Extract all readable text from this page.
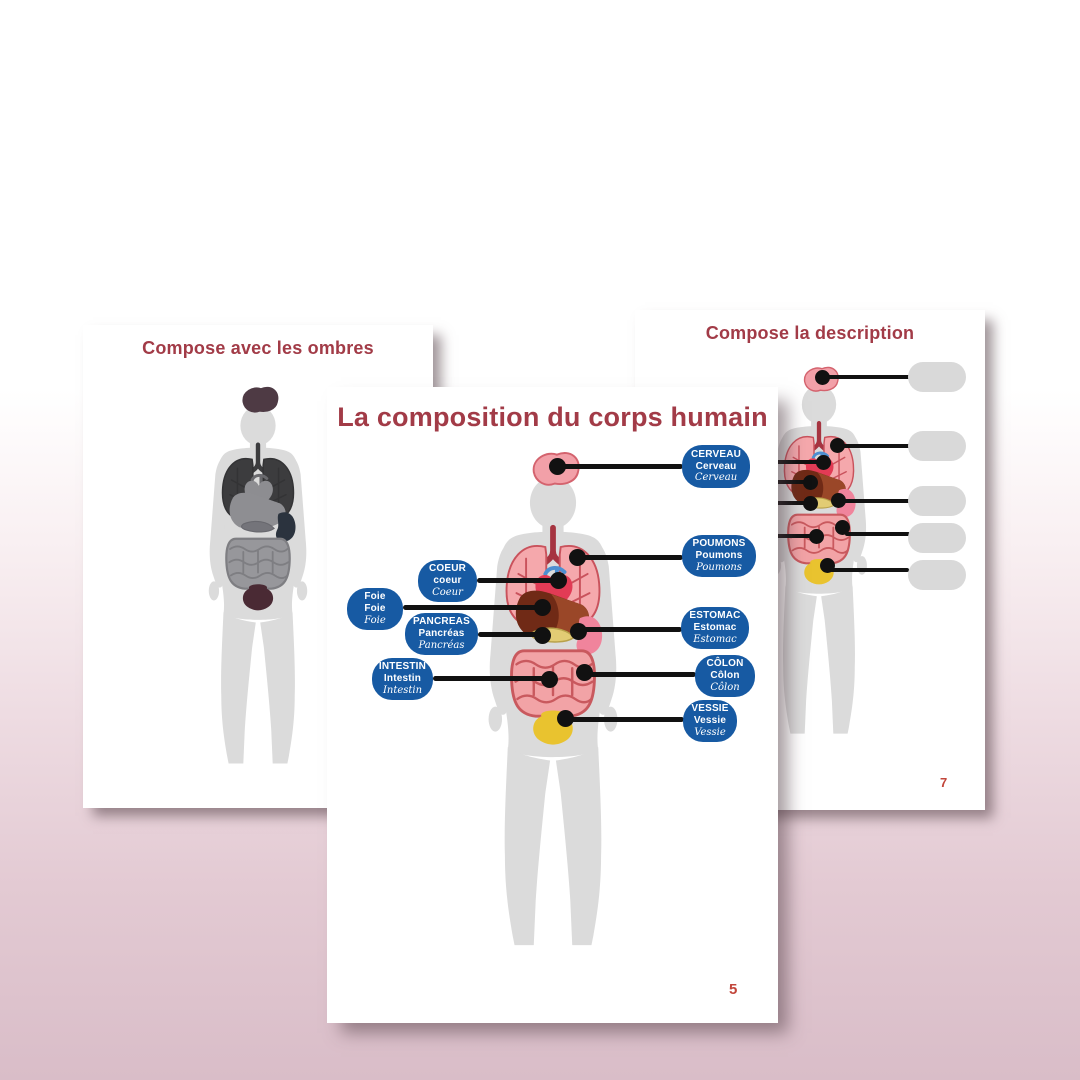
Compose avec les ombres
Compose la description
7
La composition du corps humain
CERVEAU
Cerveau
Cerveau
POUMONS
Poumons
Poumons
ESTOMAC
Estomac
Estomac
CÔLON
Côlon
Côlon
VESSIE
Vessie
Vessie
COEUR
coeur
Coeur
Foie
Foie
Foie	PANCREAS
Pancréas
Pancréas
INTESTIN
Intestin
Intestin
5
